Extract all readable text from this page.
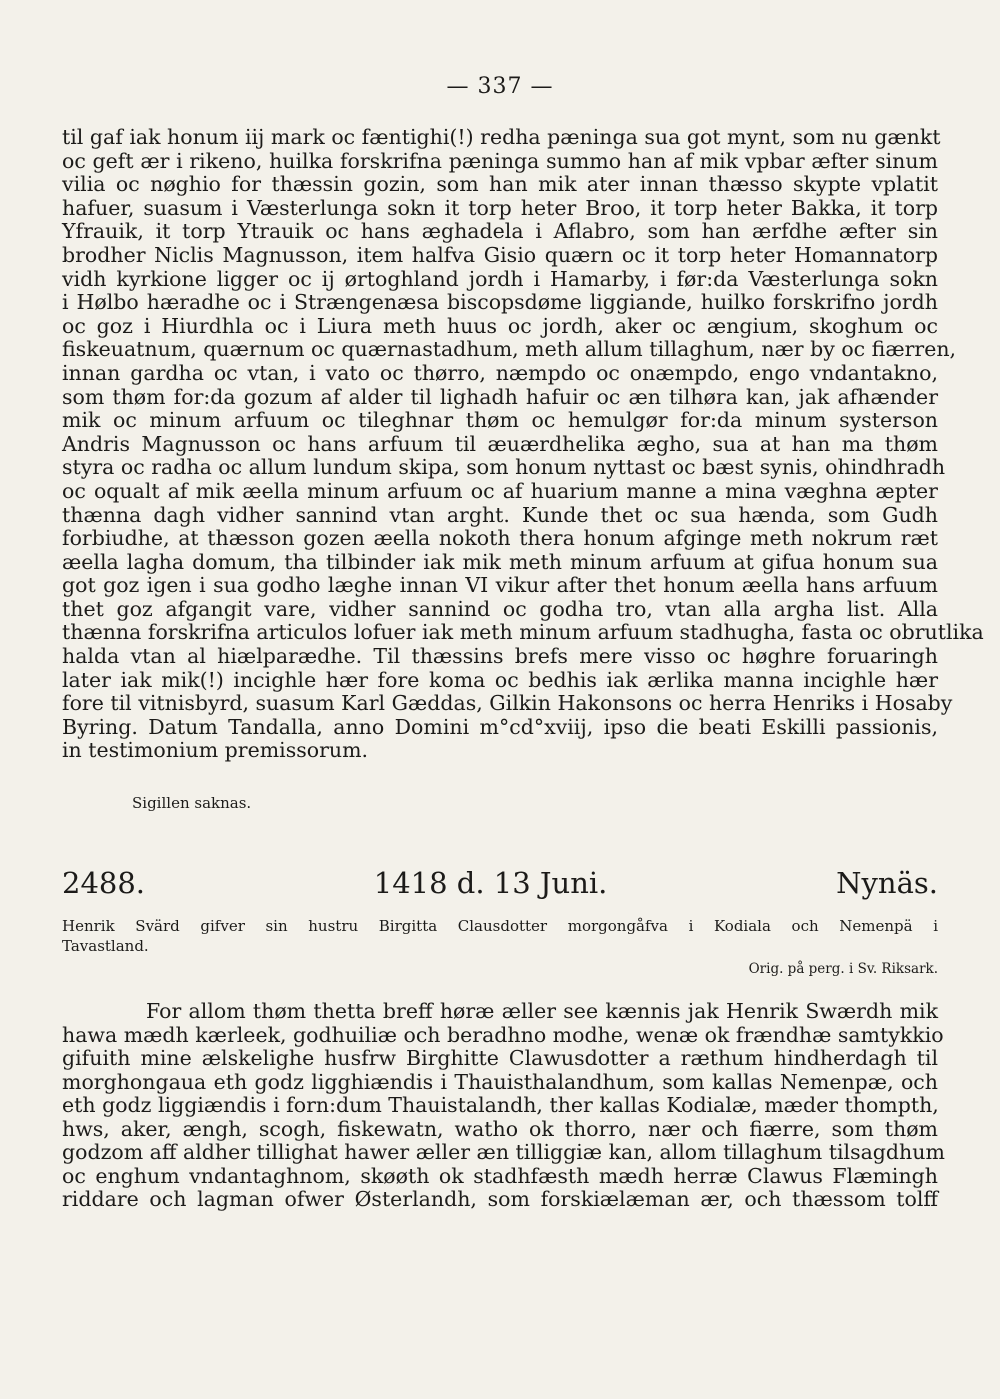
— 337 —
til gaf iak honum iij mark oc fæntighi(!) redha pæninga sua got mynt, som nu gænkt
oc geft ær i rikeno, huilka forskrifna pæninga summo han af mik vpbar æfter sinum
vilia oc nøghio for thæssin gozin, som han mik ater innan thæsso skypte vplatit
hafuer, suasum i Væsterlunga sokn it torp heter Broo, it torp heter Bakka, it torp
Yfrauik, it torp Ytrauik oc hans æghadela i Aflabro, som han ærfdhe æfter sin
brodher Niclis Magnusson, item halfva Gisio quærn oc it torp heter Homannatorp
vidh kyrkione ligger oc ij ørtoghland jordh i Hamarby, i før:da Væsterlunga sokn
i Hølbo hæradhe oc i Strængenæsa biscopsdøme liggiande, huilko forskrifno jordh
oc goz i Hiurdhla oc i Liura meth huus oc jordh, aker oc ængium, skoghum oc
fiskeuatnum, quærnum oc quærnastadhum, meth allum tillaghum, nær by oc fiærren,
innan gardha oc vtan, i vato oc thørro, næmpdo oc onæmpdo, engo vndantakno,
som thøm for:da gozum af alder til lighadh hafuir oc æn tilhøra kan, jak afhænder
mik oc minum arfuum oc tileghnar thøm oc hemulgør for:da minum systerson
Andris Magnusson oc hans arfuum til æuærdhelika ægho, sua at han ma thøm
styra oc radha oc allum lundum skipa, som honum nyttast oc bæst synis, ohindhradh
oc oqualt af mik æella minum arfuum oc af huarium manne a mina væghna æpter
thænna dagh vidher sannind vtan arght. Kunde thet oc sua hænda, som Gudh
forbiudhe, at thæsson gozen æella nokoth thera honum afginge meth nokrum ræt
æella lagha domum, tha tilbinder iak mik meth minum arfuum at gifua honum sua
got goz igen i sua godho læghe innan VI vikur after thet honum æella hans arfuum
thet goz afgangit vare, vidher sannind oc godha tro, vtan alla argha list. Alla
thænna forskrifna articulos lofuer iak meth minum arfuum stadhugha, fasta oc obrutlika
halda vtan al hiælparædhe. Til thæssins brefs mere visso oc høghre foruaringh
later iak mik(!) incighle hær fore koma oc bedhis iak ærlika manna incighle hær
fore til vitnisbyrd, suasum Karl Gæddas, Gilkin Hakonsons oc herra Henriks i Hosaby
Byring. Datum Tandalla, anno Domini m°cd°xviij, ipso die beati Eskilli passionis,
in testimonium premissorum.
Sigillen saknas.
2488.	1418 d. 13 Juni.	Nynäs.
Henrik Svärd gifver sin hustru Birgitta Clausdotter morgongåfva i Kodiala och Nemenpä i
Tavastland.
Orig. på perg. i Sv. Riksark.
For allom thøm thetta breff høræ æller see kænnis jak Henrik Swærdh mik
hawa mædh kærleek, godhuiliæ och beradhno modhe, wenæ ok frændhæ samtykkio
gifuith mine ælskelighe husfrw Birghitte Clawusdotter a ræthum hindherdagh til
morghongaua eth godz ligghiændis i Thauisthalandhum, som kallas Nemenpæ, och
eth godz liggiændis i forn:dum Thauistalandh, ther kallas Kodialæ, mæder thompth,
hws, aker, ængh, scogh, fiskewatn, watho ok thorro, nær och fiærre, som thøm
godzom aff aldher tillighat hawer æller æn tilliggiæ kan, allom tillaghum tilsagdhum
oc enghum vndantaghnom, skøøth ok stadhfæsth mædh herræ Clawus Flæmingh
riddare och lagman ofwer Østerlandh, som forskiælæman ær, och thæssom tolff
